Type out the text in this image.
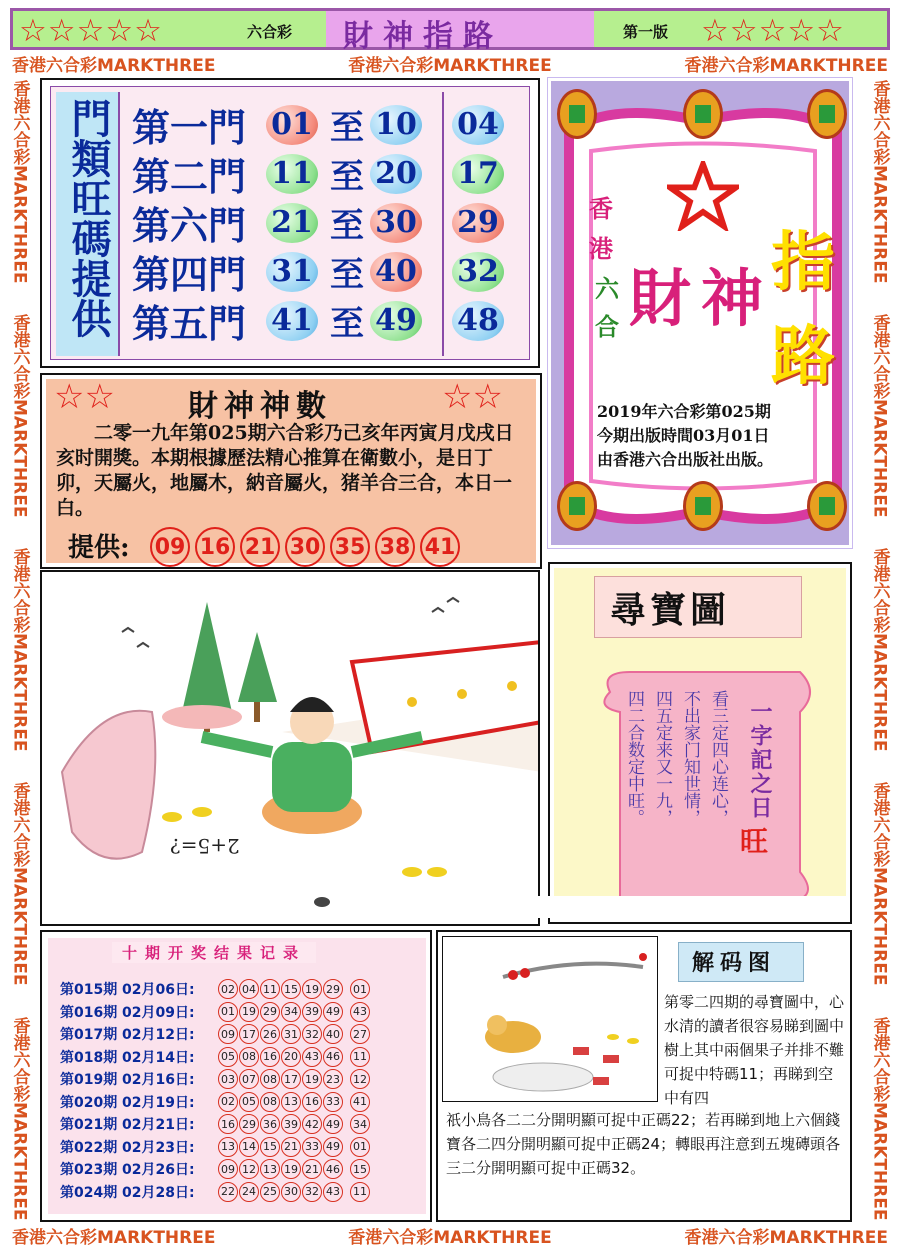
☆☆☆☆☆	六合彩 財神指路	第一版 ☆☆☆☆☆
香港六合彩MARKTHREE	香港六合彩MARKTHREE	香港六合彩MARKTHREE
香港六合彩MARKTHREE	香港六合彩MARKTHREE	香港六合彩MARKTHREE
香港六合彩MARKTHREE
香港六合彩MARKTHREE
香港六合彩MARKTHREE
香港六合彩MARKTHREE
香港六合彩MARKTHREE
香港六合彩MARKTHREE
香港六合彩MARKTHREE
香港六合彩MARKTHREE
香港六合彩MARKTHREE
香港六合彩MARKTHREE
門類旺碼提供 第一門 01 至 10 04
第二門 11 至 20 17
第六門 21 至 30 29
第四門 31 至 40 32
第五門 41 至 49 48
香
港
六
合 財 神 指
路
2019年六合彩第025期
今期出版時間03月01日
由香港六合出版社出版。
☆☆ 財神神數	☆☆
二零一九年第025期六合彩乃己亥年丙寅月戊戌日亥时開獎。本期根據歷法精心推算在衛數小，是日丁卯，天屬火，地屬木，納音屬火，猪羊合三合，本日一白。
提供: 09 16 21 30 35 38 41
2+5=?
尋寶圖
看三定四心连心，
不出家门知世情，
四五定来又一九，
四二合数定中旺。	一字記之日
旺
十期开奖结果记录
第015期 02月06日:	02 04 11 15 19 29 01
第016期 02月09日:	01 19 29 34 39 49 43
第017期 02月12日:	09 17 26 31 32 40 27
第018期 02月14日:	05 08 16 20 43 46 11
第019期 02月16日:	03 07 08 17 19 23 12
第020期 02月19日:	02 05 08 13 16 33 41
第021期 02月21日:	16 29 36 39 42 49 34
第022期 02月23日:	13 14 15 21 33 49 01
第023期 02月26日:	09 12 13 19 21 46 15
第024期 02月28日:	22 24 25 30 32 43 11
解码图
第零二四期的尋寶圖中，心水清的讀者很容易睇到圖中樹上其中兩個果子并排不難可捉中特碼11；再睇到空中有四
祇小鳥各二二分開明顯可捉中正碼22；若再睇到地上六個錢寶各二四分開明顯可捉中正碼24；轉眼再注意到五塊磚頭各三二分開明顯可捉中正碼32。
